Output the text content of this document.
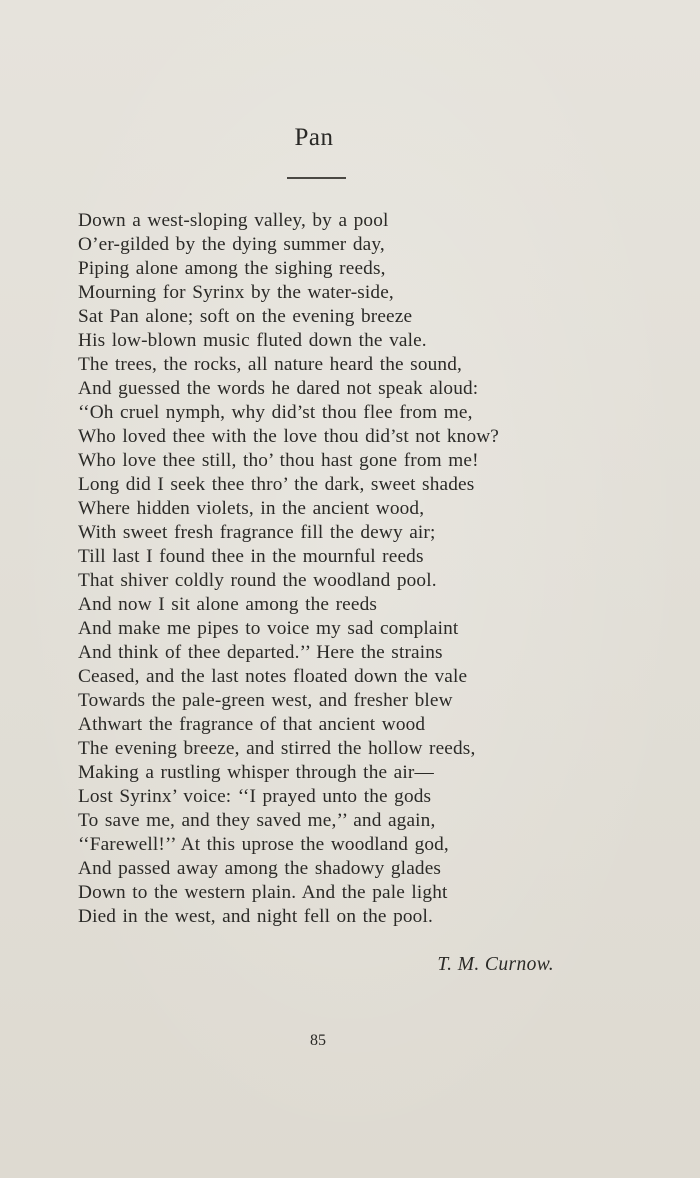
Pan
Down a west-sloping valley, by a pool
O’er-gilded by the dying summer day,
Piping alone among the sighing reeds,
Mourning for Syrinx by the water-side,
Sat Pan alone; soft on the evening breeze
His low-blown music fluted down the vale.
The trees, the rocks, all nature heard the sound,
And guessed the words he dared not speak aloud:
‘‘Oh cruel nymph, why did’st thou flee from me,
Who loved thee with the love thou did’st not know?
Who love thee still, tho’ thou hast gone from me!
Long did I seek thee thro’ the dark, sweet shades
Where hidden violets, in the ancient wood,
With sweet fresh fragrance fill the dewy air;
Till last I found thee in the mournful reeds
That shiver coldly round the woodland pool.
And now I sit alone among the reeds
And make me pipes to voice my sad complaint
And think of thee departed.’’ Here the strains
Ceased, and the last notes floated down the vale
Towards the pale-green west, and fresher blew
Athwart the fragrance of that ancient wood
The evening breeze, and stirred the hollow reeds,
Making a rustling whisper through the air—
Lost Syrinx’ voice: ‘‘I prayed unto the gods
To save me, and they saved me,’’ and again,
‘‘Farewell!’’ At this uprose the woodland god,
And passed away among the shadowy glades
Down to the western plain. And the pale light
Died in the west, and night fell on the pool.
T. M. Curnow.
85
